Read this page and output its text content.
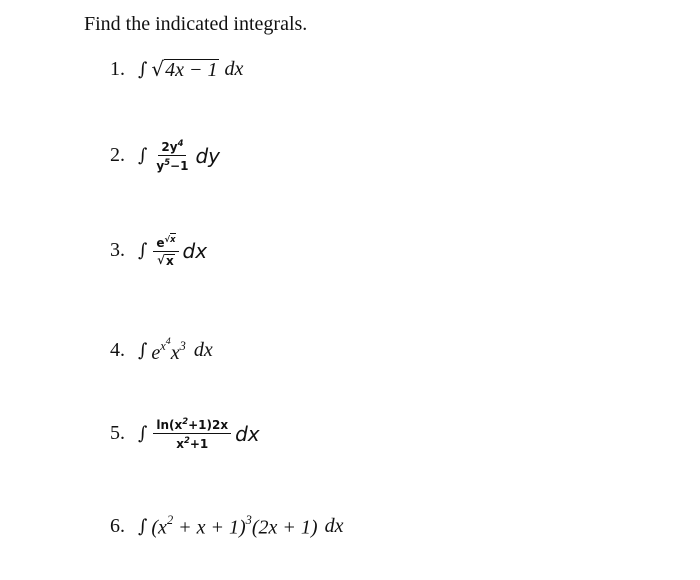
Find the indicated integrals.
1. ∫ √ 4x − 1 dx
2. ∫ $\frac{2y^4}{y^5-1}$ dy
3. ∫ $\frac{e^{√x}}{√ x}$ dx
4. ∫ $e^{x^4}x^3$ dx
5. ∫ $\frac{\ln(x^2+1)2x}{x^2+1}$ dx
6. ∫ $(x^2 + x + 1)^3(2x + 1)$ dx
